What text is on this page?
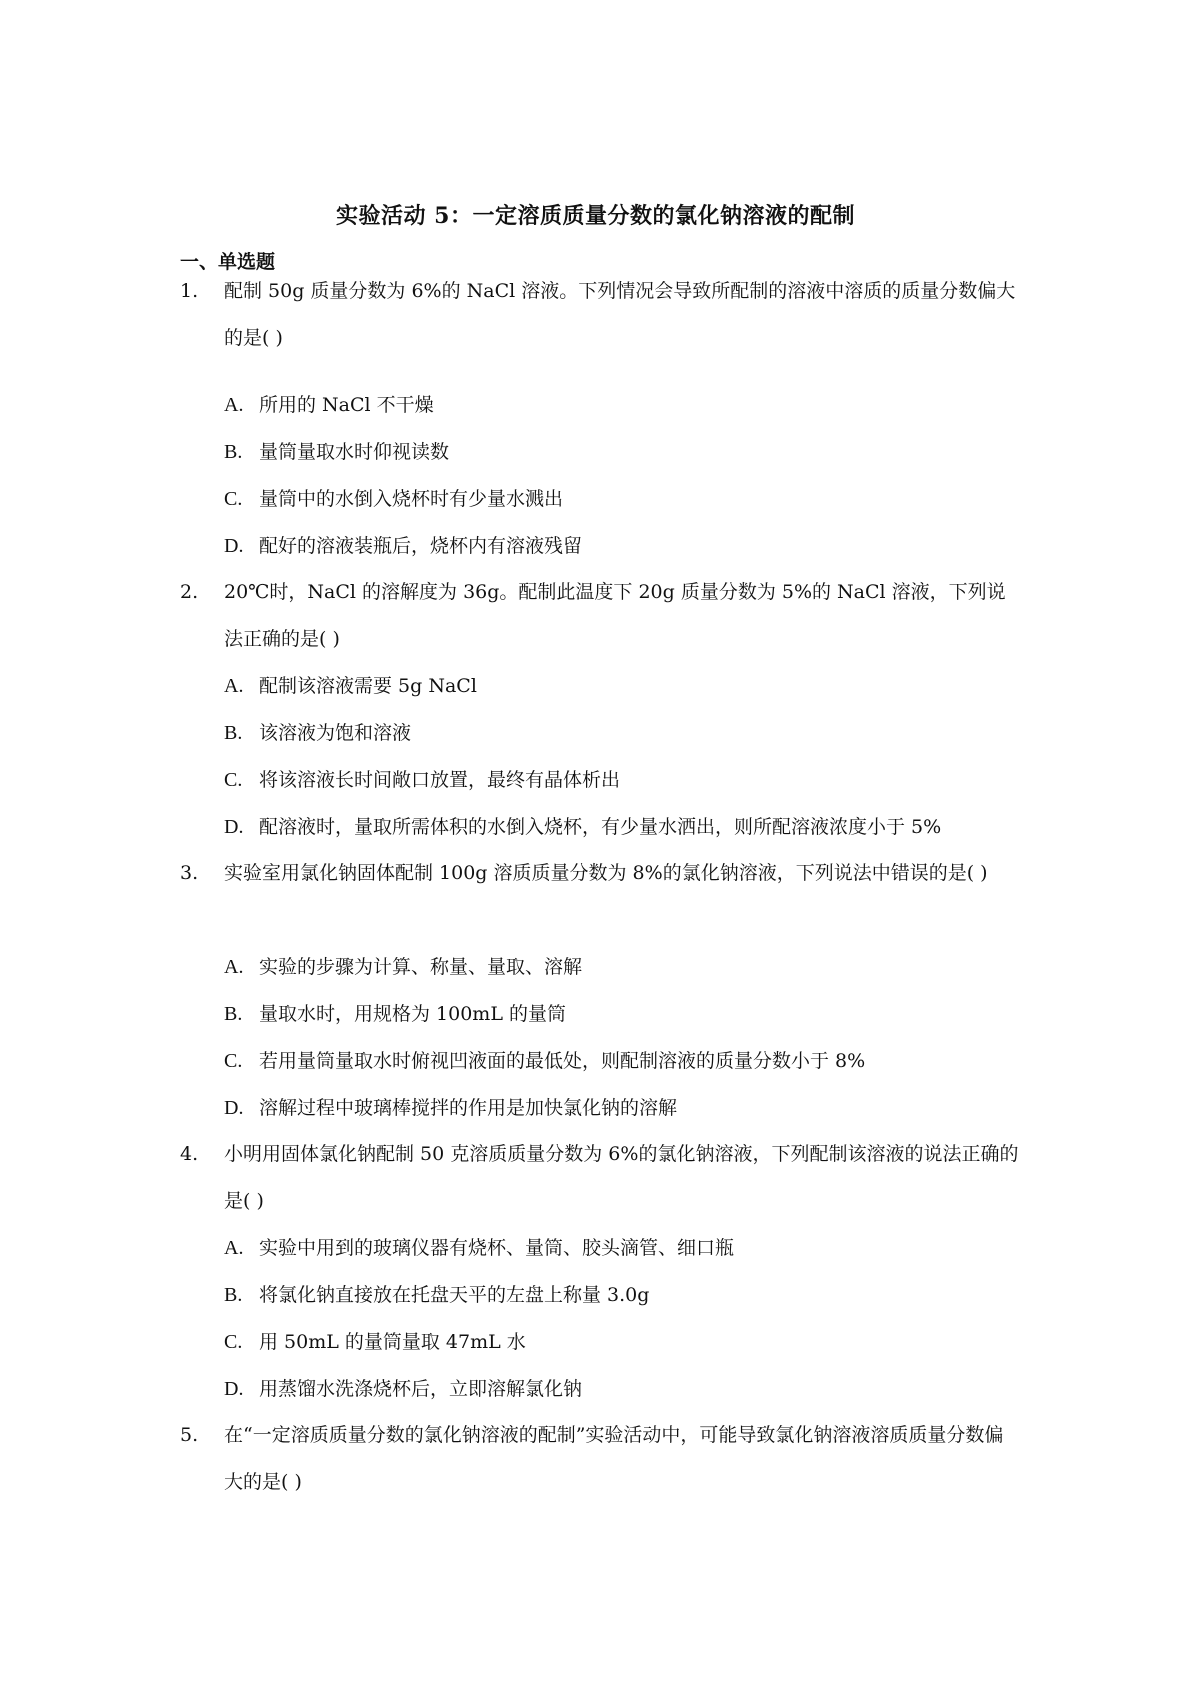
实验活动 5：一定溶质质量分数的氯化钠溶液的配制
一、单选题
1. 配制 50g 质量分数为 6%的 NaCl 溶液。下列情况会导致所配制的溶液中溶质的质量分数偏大的是( )
A. 所用的 NaCl 不干燥
B. 量筒量取水时仰视读数
C. 量筒中的水倒入烧杯时有少量水溅出
D. 配好的溶液装瓶后，烧杯内有溶液残留
2. 20℃时，NaCl 的溶解度为 36g。配制此温度下 20g 质量分数为 5%的 NaCl 溶液，下列说法正确的是( )
A. 配制该溶液需要 5g NaCl
B. 该溶液为饱和溶液
C. 将该溶液长时间敞口放置，最终有晶体析出
D. 配溶液时，量取所需体积的水倒入烧杯，有少量水洒出，则所配溶液浓度小于 5%
3. 实验室用氯化钠固体配制 100g 溶质质量分数为 8%的氯化钠溶液，下列说法中错误的是( )
A. 实验的步骤为计算、称量、量取、溶解
B. 量取水时，用规格为 100mL 的量筒
C. 若用量筒量取水时俯视凹液面的最低处，则配制溶液的质量分数小于 8%
D. 溶解过程中玻璃棒搅拌的作用是加快氯化钠的溶解
4. 小明用固体氯化钠配制 50 克溶质质量分数为 6%的氯化钠溶液，下列配制该溶液的说法正确的是( )
A. 实验中用到的玻璃仪器有烧杯、量筒、胶头滴管、细口瓶
B. 将氯化钠直接放在托盘天平的左盘上称量 3.0g
C. 用 50mL 的量筒量取 47mL 水
D. 用蒸馏水洗涤烧杯后，立即溶解氯化钠
5. 在“一定溶质质量分数的氯化钠溶液的配制”实验活动中，可能导致氯化钠溶液溶质质量分数偏大的是( )
